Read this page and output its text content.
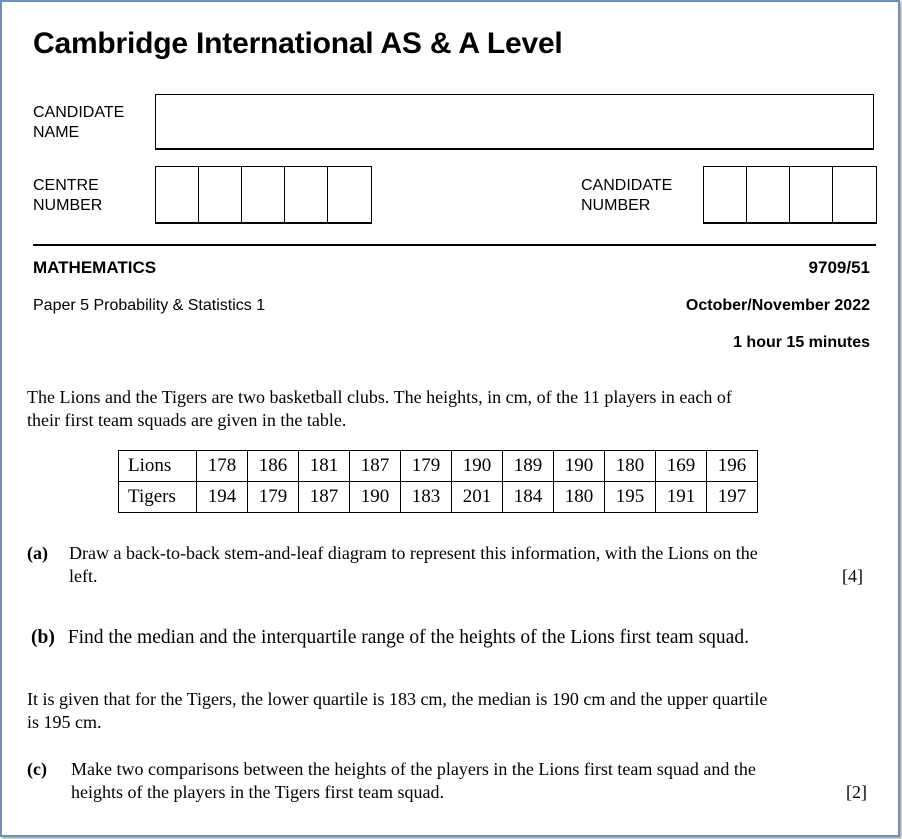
Cambridge International AS & A Level
CANDIDATE
NAME
CENTRE
NUMBER
CANDIDATE
NUMBER
MATHEMATICS	9709/51
Paper 5 Probability & Statistics 1	October/November 2022
1 hour 15 minutes
The Lions and the Tigers are two basketball clubs. The heights, in cm, of the 11 players in each of
their first team squads are given in the table.
Lions	178	186	181	187	179	190	189	190	180	169	196
Tigers	194	179	187	190	183	201	184	180	195	191	197
(a) Draw a back-to-back stem-and-leaf diagram to represent this information, with the Lions on the
left.	[4]
(b) Find the median and the interquartile range of the heights of the Lions first team squad.
It is given that for the Tigers, the lower quartile is 183 cm, the median is 190 cm and the upper quartile
is 195 cm.
(c) Make two comparisons between the heights of the players in the Lions first team squad and the
heights of the players in the Tigers first team squad.	[2]
